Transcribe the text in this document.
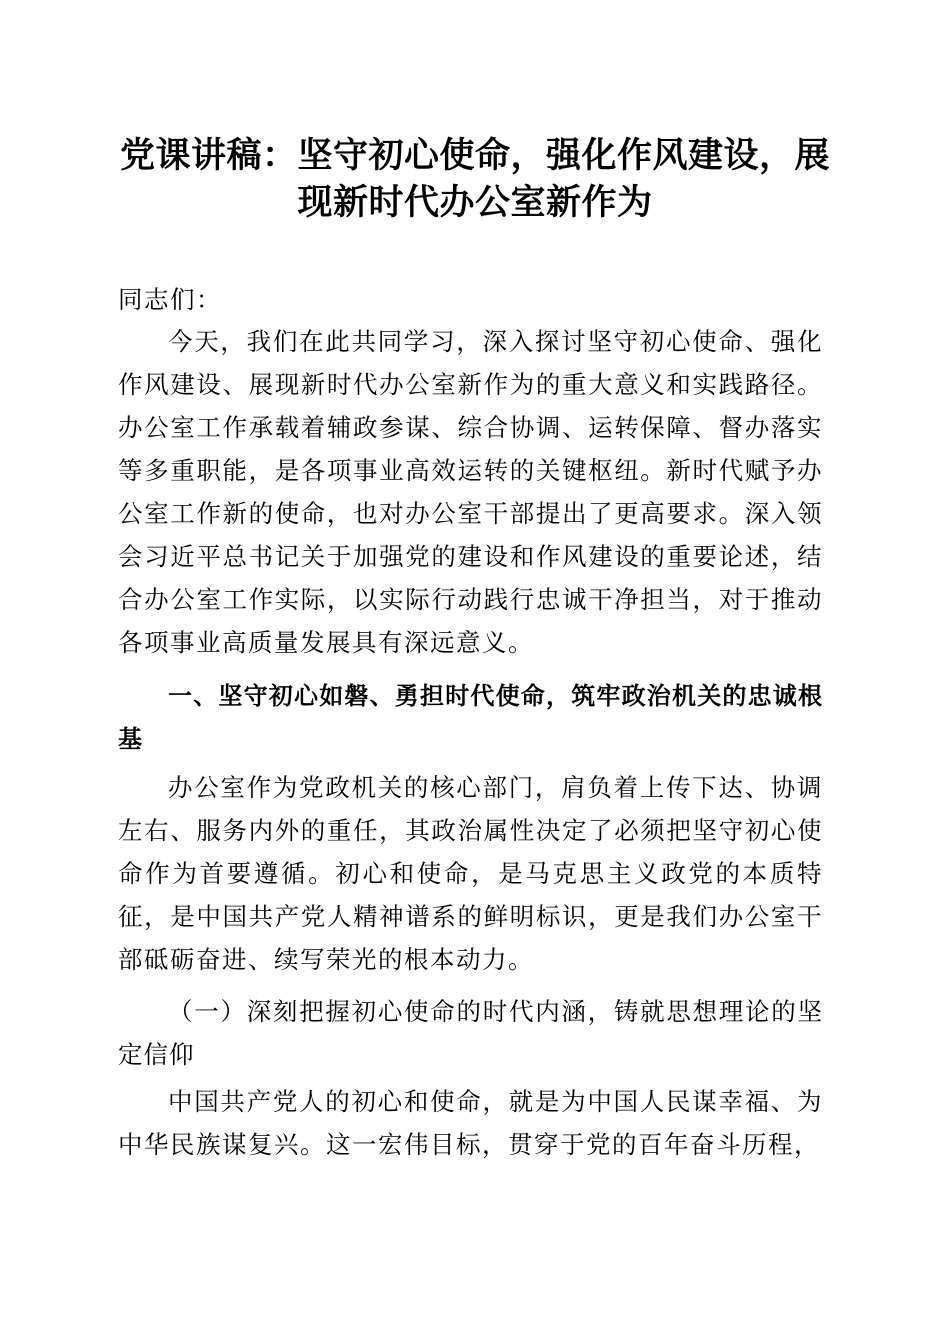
党课讲稿：坚守初心使命，强化作风建设，展现新时代办公室新作为

同志们：

今天，我们在此共同学习，深入探讨坚守初心使命、强化作风建设、展现新时代办公室新作为的重大意义和实践路径。办公室工作承载着辅政参谋、综合协调、运转保障、督办落实等多重职能，是各项事业高效运转的关键枢纽。新时代赋予办公室工作新的使命，也对办公室干部提出了更高要求。深入领会习近平总书记关于加强党的建设和作风建设的重要论述，结合办公室工作实际，以实际行动践行忠诚干净担当，对于推动各项事业高质量发展具有深远意义。

一、坚守初心如磐、勇担时代使命，筑牢政治机关的忠诚根基

办公室作为党政机关的核心部门，肩负着上传下达、协调左右、服务内外的重任，其政治属性决定了必须把坚守初心使命作为首要遵循。初心和使命，是马克思主义政党的本质特征，是中国共产党人精神谱系的鲜明标识，更是我们办公室干部砥砺奋进、续写荣光的根本动力。

（一）深刻把握初心使命的时代内涵，铸就思想理论的坚定信仰

中国共产党人的初心和使命，就是为中国人民谋幸福、为中华民族谋复兴。这一宏伟目标，贯穿于党的百年奋斗历程，
